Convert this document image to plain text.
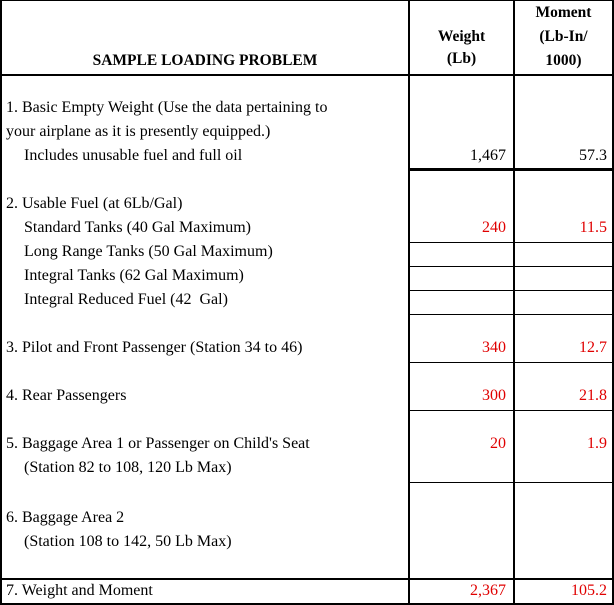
SAMPLE LOADING PROBLEM
Weight
(Lb)
Moment
(Lb-In/
1000)
1. Basic Empty Weight (Use the data pertaining to
your airplane as it is presently equipped.)
Includes unusable fuel and full oil	1,467	57.3
2. Usable Fuel (at 6Lb/Gal)
Standard Tanks (40 Gal Maximum)	240	11.5
Long Range Tanks (50 Gal Maximum)
Integral Tanks (62 Gal Maximum)
Integral Reduced Fuel (42  Gal)
3. Pilot and Front Passenger (Station 34 to 46)	340	12.7
4. Rear Passengers	300	21.8
5. Baggage Area 1 or Passenger on Child's Seat
(Station 82 to 108, 120 Lb Max)
20	1.9
6. Baggage Area 2
(Station 108 to 142, 50 Lb Max)
7. Weight and Moment	2,367	105.2
